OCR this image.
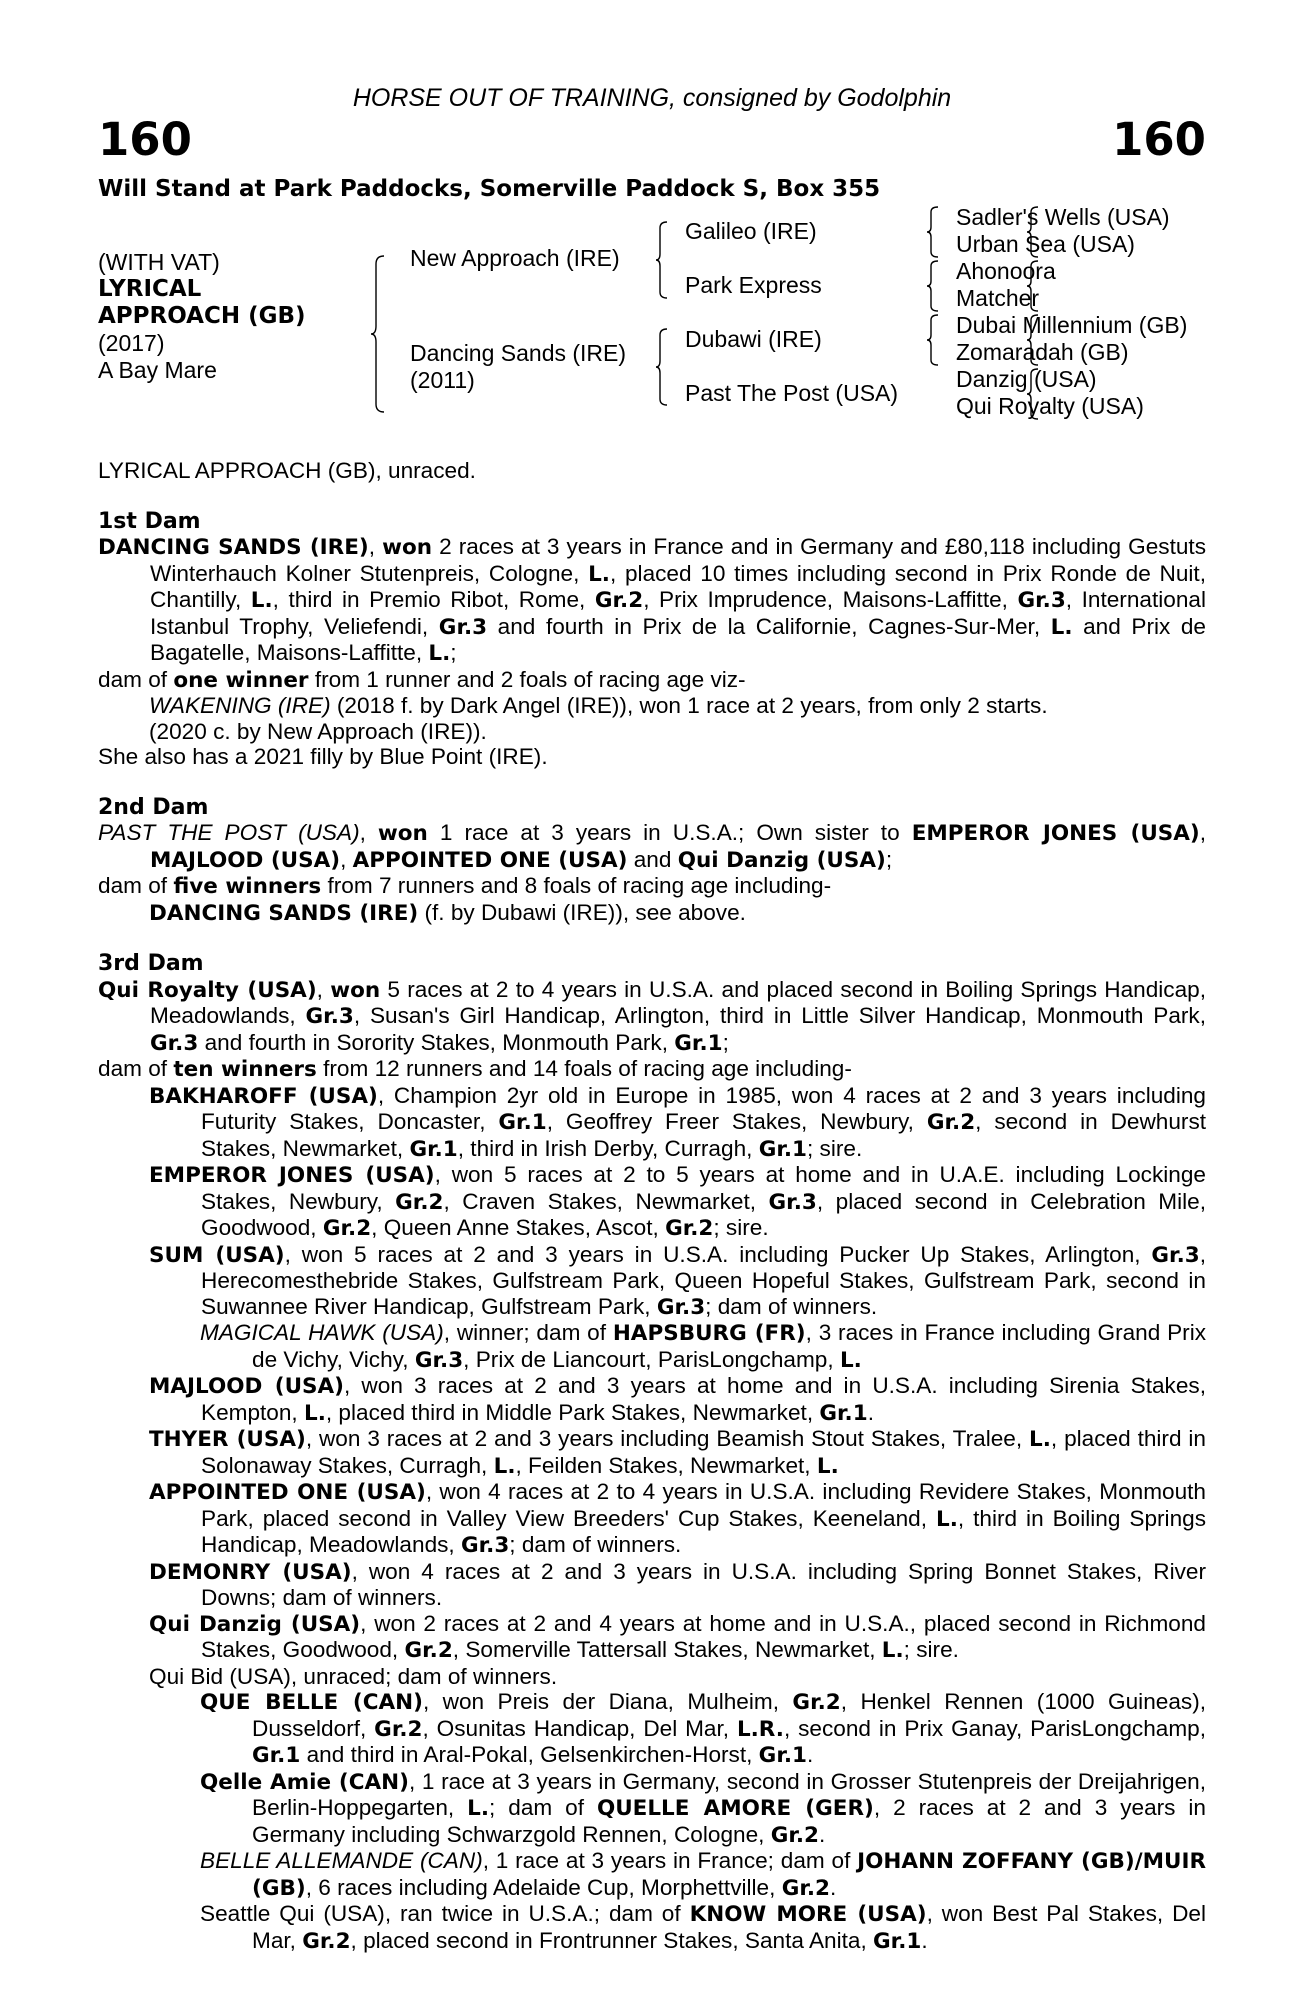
HORSE OUT OF TRAINING, consigned by Godolphin
160	160
Will Stand at Park Paddocks, Somerville Paddock S, Box 355
(WITH VAT)
LYRICAL
APPROACH (GB)
(2017)
A Bay Mare
New Approach (IRE)
Dancing Sands (IRE)
(2011)
Galileo (IRE)
Park Express
Dubawi (IRE)
Past The Post (USA)
Sadler's Wells (USA)
Urban Sea (USA)
Ahonoora
Matcher
Dubai Millennium (GB)
Zomaradah (GB)
Danzig (USA)
Qui Royalty (USA)

LYRICAL APPROACH (GB), unraced.

1st Dam

DANCING SANDS (IRE), won 2 races at 3 years in France and in Germany and £80,118 including Gestuts Winterhauch Kolner Stutenpreis, Cologne, L., placed 10 times including second in Prix Ronde de Nuit, Chantilly, L., third in Premio Ribot, Rome, Gr.2, Prix Imprudence, Maisons-Laffitte, Gr.3, International Istanbul Trophy, Veliefendi, Gr.3 and fourth in Prix de la Californie, Cagnes-Sur-Mer, L. and Prix de Bagatelle, Maisons-Laffitte, L.;

dam of one winner from 1 runner and 2 foals of racing age viz-

WAKENING (IRE) (2018 f. by Dark Angel (IRE)), won 1 race at 2 years, from only 2 starts.

(2020 c. by New Approach (IRE)).

She also has a 2021 filly by Blue Point (IRE).

2nd Dam

PAST THE POST (USA), won 1 race at 3 years in U.S.A.; Own sister to EMPEROR JONES (USA), MAJLOOD (USA), APPOINTED ONE (USA) and Qui Danzig (USA);

dam of five winners from 7 runners and 8 foals of racing age including-

DANCING SANDS (IRE) (f. by Dubawi (IRE)), see above.

3rd Dam

Qui Royalty (USA), won 5 races at 2 to 4 years in U.S.A. and placed second in Boiling Springs Handicap, Meadowlands, Gr.3, Susan's Girl Handicap, Arlington, third in Little Silver Handicap, Monmouth Park, Gr.3 and fourth in Sorority Stakes, Monmouth Park, Gr.1;

dam of ten winners from 12 runners and 14 foals of racing age including-

BAKHAROFF (USA), Champion 2yr old in Europe in 1985, won 4 races at 2 and 3 years including Futurity Stakes, Doncaster, Gr.1, Geoffrey Freer Stakes, Newbury, Gr.2, second in Dewhurst Stakes, Newmarket, Gr.1, third in Irish Derby, Curragh, Gr.1; sire.

EMPEROR JONES (USA), won 5 races at 2 to 5 years at home and in U.A.E. including Lockinge Stakes, Newbury, Gr.2, Craven Stakes, Newmarket, Gr.3, placed second in Celebration Mile, Goodwood, Gr.2, Queen Anne Stakes, Ascot, Gr.2; sire.

SUM (USA), won 5 races at 2 and 3 years in U.S.A. including Pucker Up Stakes, Arlington, Gr.3, Herecomesthebride Stakes, Gulfstream Park, Queen Hopeful Stakes, Gulfstream Park, second in Suwannee River Handicap, Gulfstream Park, Gr.3; dam of winners.

MAGICAL HAWK (USA), winner; dam of HAPSBURG (FR), 3 races in France including Grand Prix de Vichy, Vichy, Gr.3, Prix de Liancourt, ParisLongchamp, L.

MAJLOOD (USA), won 3 races at 2 and 3 years at home and in U.S.A. including Sirenia Stakes, Kempton, L., placed third in Middle Park Stakes, Newmarket, Gr.1.

THYER (USA), won 3 races at 2 and 3 years including Beamish Stout Stakes, Tralee, L., placed third in Solonaway Stakes, Curragh, L., Feilden Stakes, Newmarket, L.

APPOINTED ONE (USA), won 4 races at 2 to 4 years in U.S.A. including Revidere Stakes, Monmouth Park, placed second in Valley View Breeders' Cup Stakes, Keeneland, L., third in Boiling Springs Handicap, Meadowlands, Gr.3; dam of winners.

DEMONRY (USA), won 4 races at 2 and 3 years in U.S.A. including Spring Bonnet Stakes, River Downs; dam of winners.

Qui Danzig (USA), won 2 races at 2 and 4 years at home and in U.S.A., placed second in Richmond Stakes, Goodwood, Gr.2, Somerville Tattersall Stakes, Newmarket, L.; sire.

Qui Bid (USA), unraced; dam of winners.

QUE BELLE (CAN), won Preis der Diana, Mulheim, Gr.2, Henkel Rennen (1000 Guineas), Dusseldorf, Gr.2, Osunitas Handicap, Del Mar, L.R., second in Prix Ganay, ParisLongchamp, Gr.1 and third in Aral-Pokal, Gelsenkirchen-Horst, Gr.1.

Qelle Amie (CAN), 1 race at 3 years in Germany, second in Grosser Stutenpreis der Dreijahrigen, Berlin-Hoppegarten, L.; dam of QUELLE AMORE (GER), 2 races at 2 and 3 years in Germany including Schwarzgold Rennen, Cologne, Gr.2.

BELLE ALLEMANDE (CAN), 1 race at 3 years in France; dam of JOHANN ZOFFANY (GB)/MUIR (GB), 6 races including Adelaide Cup, Morphettville, Gr.2.

Seattle Qui (USA), ran twice in U.S.A.; dam of KNOW MORE (USA), won Best Pal Stakes, Del Mar, Gr.2, placed second in Frontrunner Stakes, Santa Anita, Gr.1.
